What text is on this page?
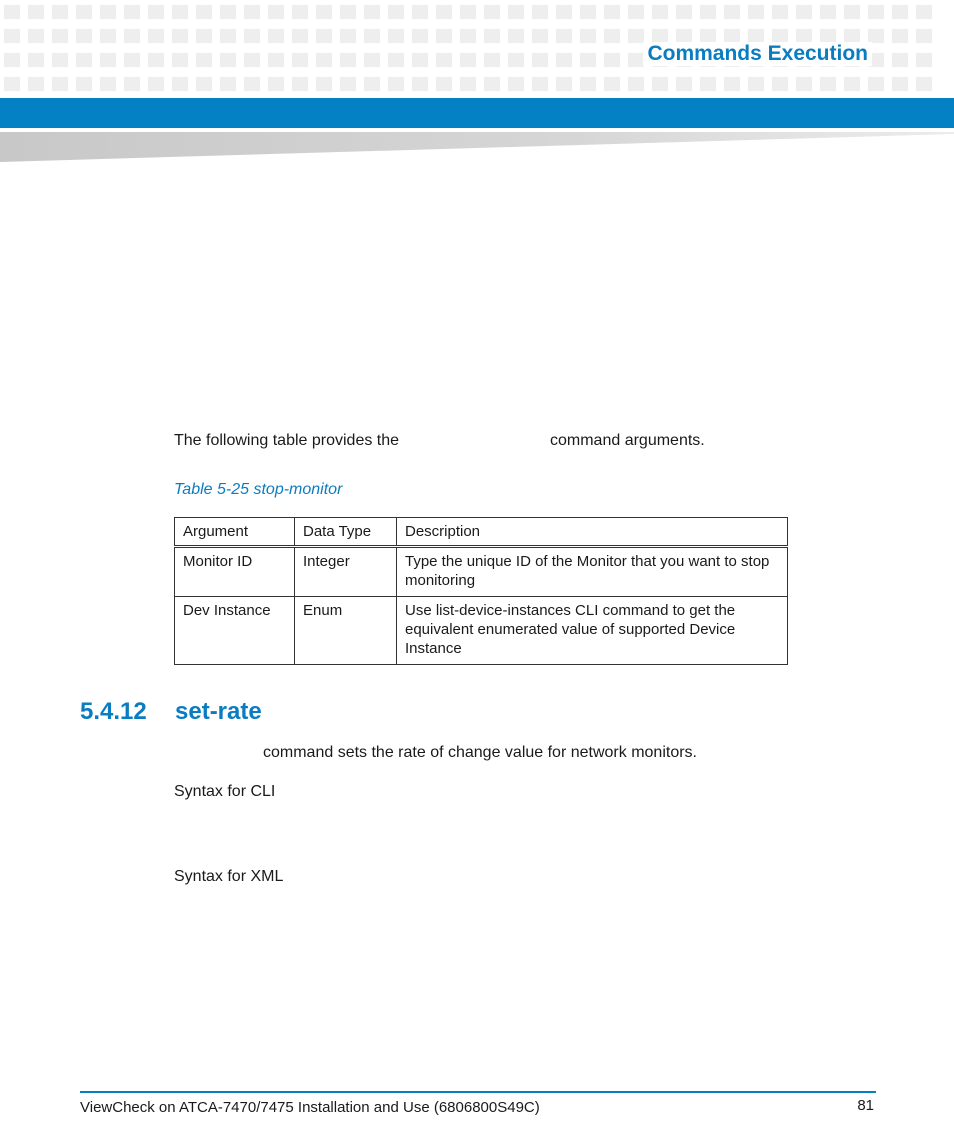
Commands Execution
The following table provides the	command arguments.
Table 5-25 stop-monitor
Argument	Data Type	Description
Monitor ID	Integer	Type the unique ID of the Monitor that you want to stop monitoring
Dev Instance	Enum	Use list-device-instances CLI command to get the equivalent enumerated value of supported Device Instance
5.4.12 set-rate
command sets the rate of change value for network monitors.
Syntax for CLI
Syntax for XML
ViewCheck on ATCA-7470/7475 Installation and Use (6806800S49C)	81
